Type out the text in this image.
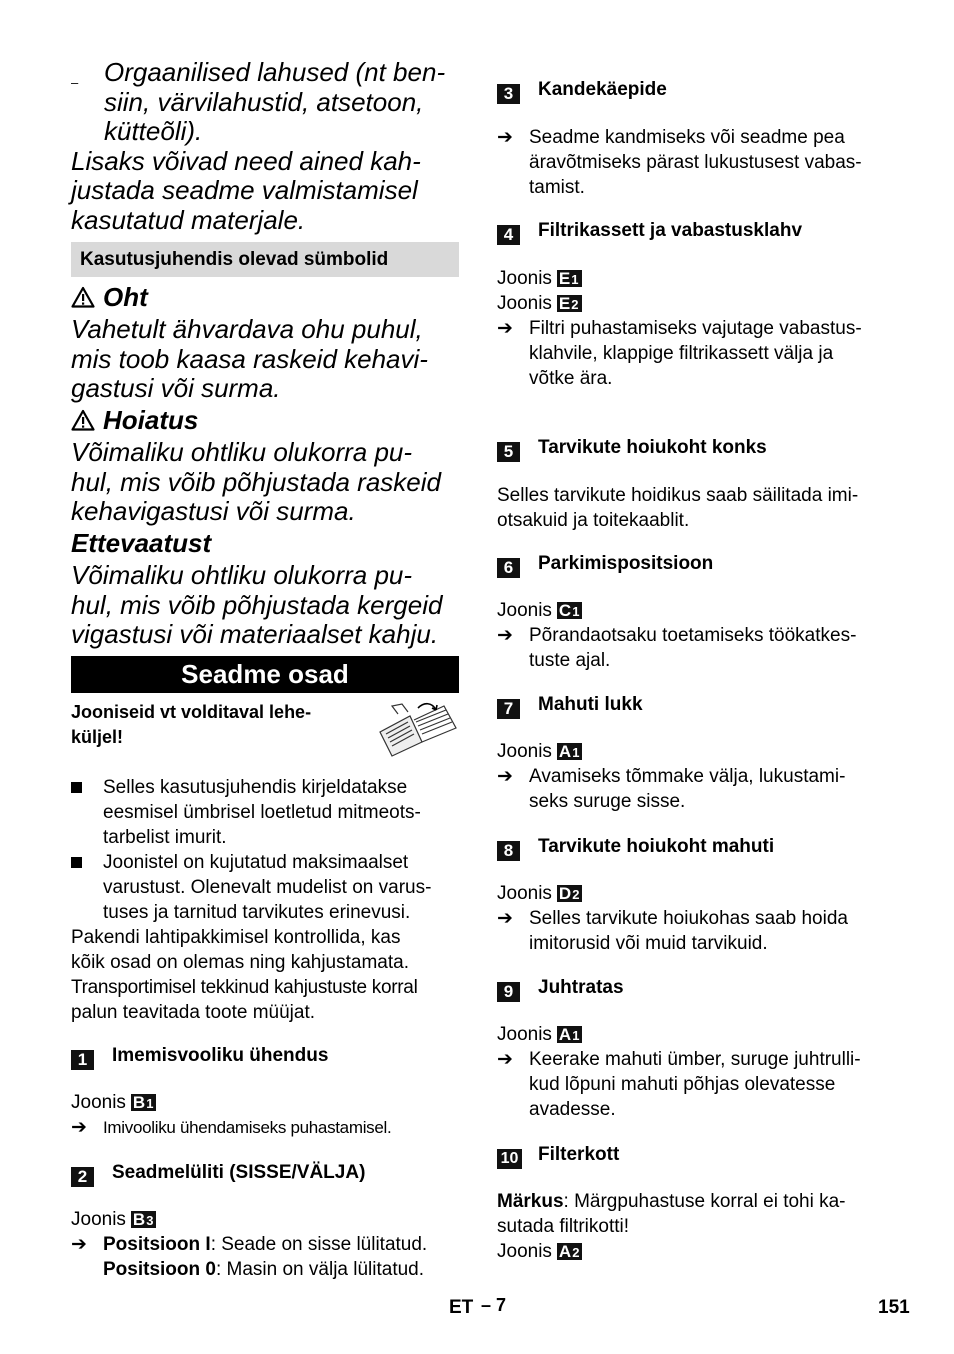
– Orgaanilised lahused (nt ben-
siin, värvilahustid, atsetoon,
kütteõli).
Lisaks võivad need ained kah-
justada seadme valmistamisel
kasutatud materjale.
Kasutusjuhendis olevad sümbolid
Oht
Vahetult ähvardava ohu puhul,
mis toob kaasa raskeid kehavi-
gastusi või surma.
Hoiatus
Võimaliku ohtliku olukorra pu-
hul, mis võib põhjustada raskeid
kehavigastusi või surma.
Ettevaatust
Võimaliku ohtliku olukorra pu-
hul, mis võib põhjustada kergeid
vigastusi või materiaalset kahju.
Seadme osad
Jooniseid vt volditaval lehe-
küljel!
Selles kasutusjuhendis kirjeldatakse
eesmisel ümbrisel loetletud mitmeots-
tarbelist imurit.
Joonistel on kujutatud maksimaalset
varustust. Olenevalt mudelist on varus-
tuses ja tarnitud tarvikutes erinevusi.
Pakendi lahtipakkimisel kontrollida, kas
kõik osad on olemas ning kahjustamata.
Transportimisel tekkinud kahjustuste korral
palun teavitada toote müüjat.
1	Imemisvooliku ühendus
Joonis B1
➔ Imivooliku ühendamiseks puhastamisel.
2	Seadmelüliti (SISSE/VÄLJA)
Joonis B3
➔ Positsioon I: Seade on sisse lülitatud.
Positsioon 0: Masin on välja lülitatud.
3	Kandekäepide
➔ Seadme kandmiseks või seadme pea
äravõtmiseks pärast lukustusest vabas-
tamist.
4	Filtrikassett ja vabastusklahv
Joonis E1
Joonis E2
➔ Filtri puhastamiseks vajutage vabastus-
klahvile, klappige filtrikassett välja ja
võtke ära.
5	Tarvikute hoiukoht konks
Selles tarvikute hoidikus saab säilitada imi-
otsakuid ja toitekaablit.
6	Parkimispositsioon
Joonis C1
➔ Põrandaotsaku toetamiseks töökatkes-
tuste ajal.
7	Mahuti lukk
Joonis A1
➔ Avamiseks tõmmake välja, lukustami-
seks suruge sisse.
8	Tarvikute hoiukoht mahuti
Joonis D2
➔ Selles tarvikute hoiukohas saab hoida
imitorusid või muid tarvikuid.
9	Juhtratas
Joonis A1
➔ Keerake mahuti ümber, suruge juhtrulli-
kud lõpuni mahuti põhjas olevatesse
avadesse.
10 Filterkott
Märkus: Märgpuhastuse korral ei tohi ka-
sutada filtrikotti!
Joonis A2
ET – 7	151
